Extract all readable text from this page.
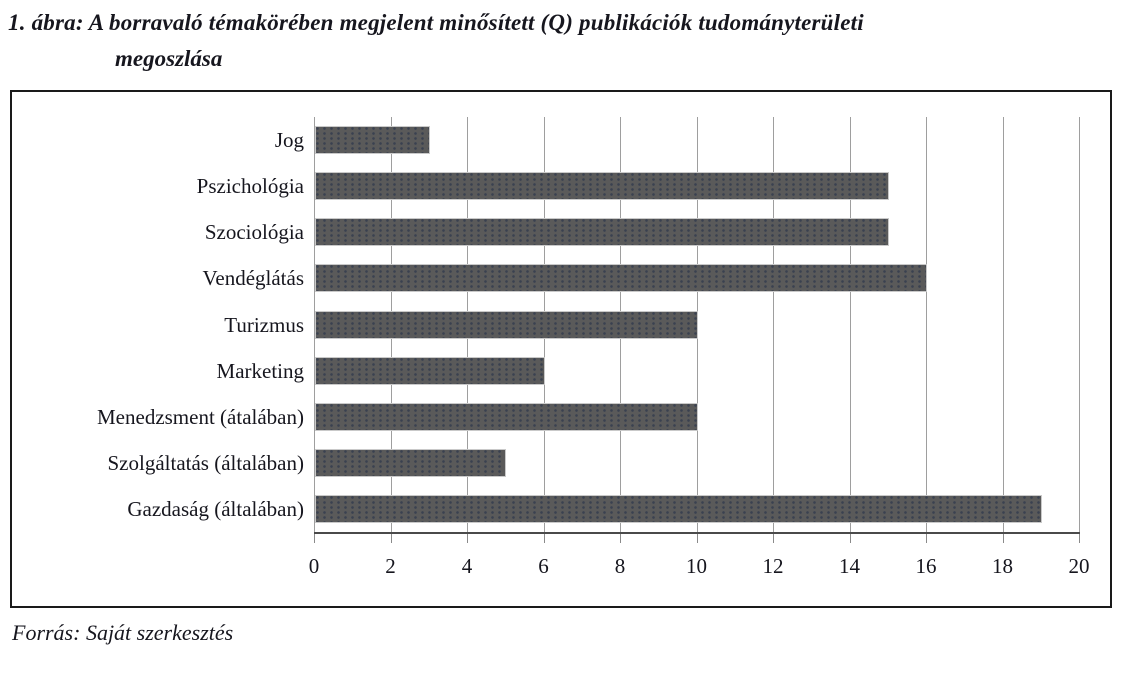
1. ábra: A borravaló témakörében megjelent minősített (Q) publikációk tudományterületi
megoszlása
Jog
Pszichológia
Szociológia
Vendéglátás
Turizmus
Marketing
Menedzsment (átalában)
Szolgáltatás (általában)
Gazdaság (általában)
0	2	4	6	8	10	12	14	16	18	20
Forrás: Saját szerkesztés
